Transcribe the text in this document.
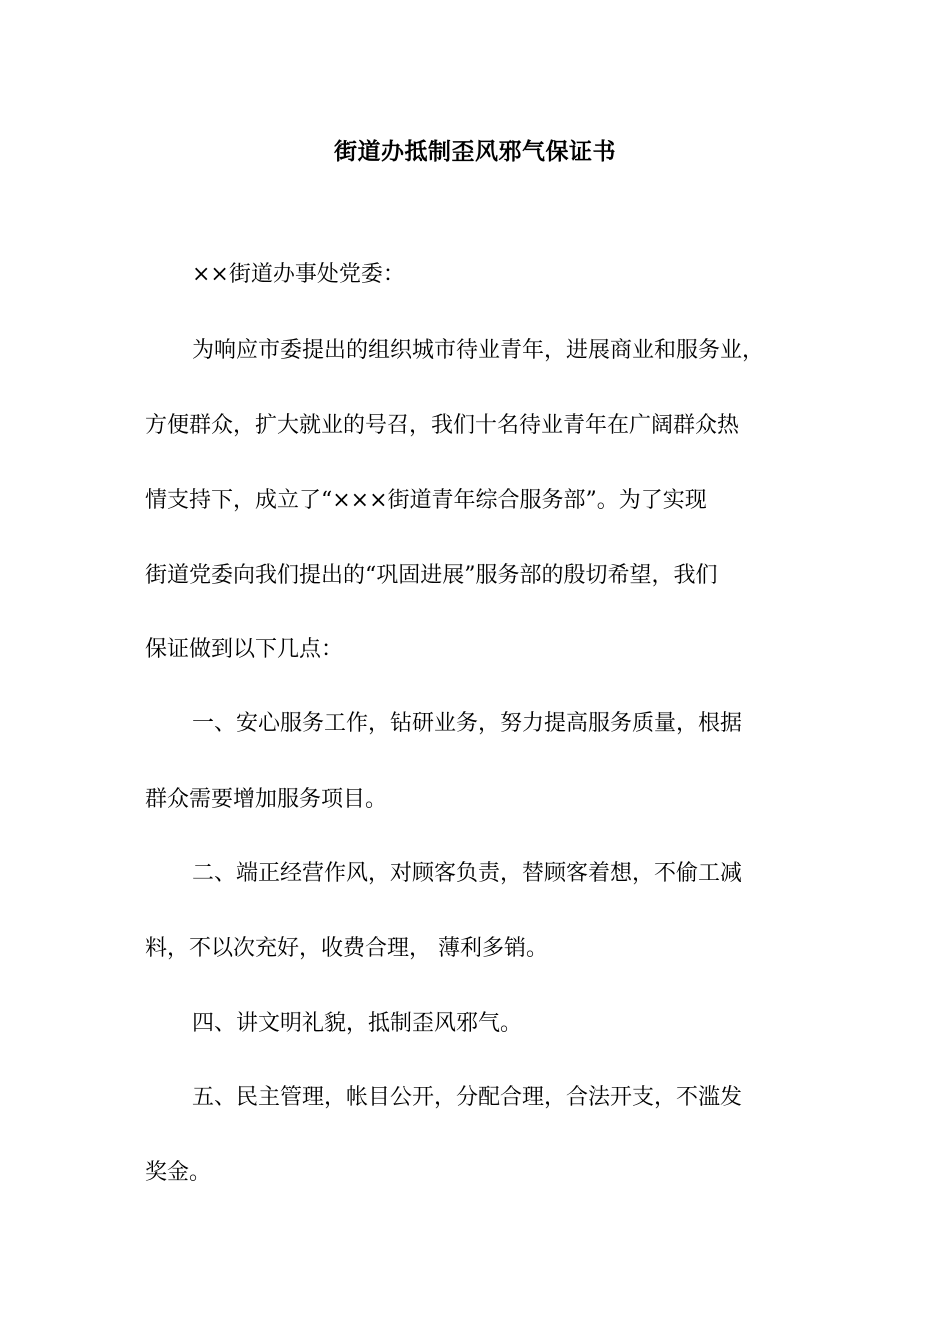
街道办抵制歪风邪气保证书

××街道办事处党委：

为响应市委提出的组织城市待业青年，进展商业和服务业，

方便群众，扩大就业的号召，我们十名待业青年在广阔群众热

情支持下，成立了“×××街道青年综合服务部”。为了实现

街道党委向我们提出的“巩固进展”服务部的殷切希望，我们

保证做到以下几点：

一、安心服务工作，钻研业务，努力提高服务质量，根据

群众需要增加服务项目。

二、端正经营作风，对顾客负责，替顾客着想，不偷工减

料，不以次充好，收费合理， 薄利多销。

四、讲文明礼貌，抵制歪风邪气。

五、民主管理，帐目公开，分配合理，合法开支，不滥发

奖金。
